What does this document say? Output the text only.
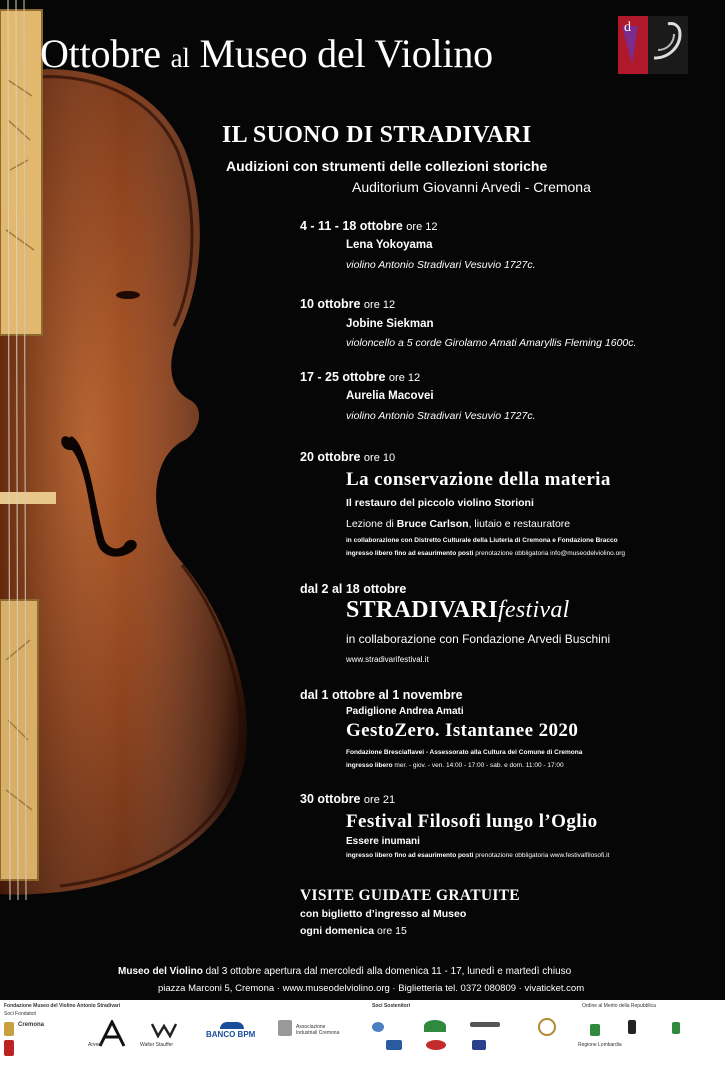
Ottobre al Museo del Violino
d
IL SUONO DI STRADIVARI
Audizioni con strumenti delle collezioni storiche
Auditorium Giovanni Arvedi - Cremona
4 - 11 - 18 ottobre ore 12
Lena Yokoyama
violino Antonio Stradivari Vesuvio 1727c.
10 ottobre ore 12
Jobine Siekman
violoncello a 5 corde Girolamo Amati Amaryllis Fleming 1600c.
17 - 25 ottobre ore 12
Aurelia Macovei
violino Antonio Stradivari Vesuvio 1727c.
20 ottobre ore 10
La conservazione della materia
Il restauro del piccolo violino Storioni
Lezione di Bruce Carlson, liutaio e restauratore
in collaborazione con Distretto Culturale della Liuteria di Cremona e Fondazione Bracco
ingresso libero fino ad esaurimento posti prenotazione obbligatoria info@museodelviolino.org
dal 2 al 18 ottobre
STRADIVARIfestival
in collaborazione con Fondazione Arvedi Buschini
www.stradivarifestival.it
dal 1 ottobre al 1 novembre
Padiglione Andrea Amati
GestoZero. Istantanee 2020
Fondazione Bresciaflavei - Assessorato alla Cultura del Comune di Cremona
ingresso libero mer. - giov. - ven. 14:00 - 17:00 - sab. e dom. 11:00 - 17:00
30 ottobre ore 21
Festival Filosofi lungo l’Oglio
Essere inumani
ingresso libero fino ad esaurimento posti prenotazione obbligatoria www.festivalfilosofi.it
VISITE GUIDATE GRATUITE
con biglietto d’ingresso al Museo
ogni domenica ore 15
Museo del Violino dal 3 ottobre apertura dal mercoledì alla domenica 11 - 17, lunedì e martedì chiuso
piazza Marconi 5, Cremona · www.museodelviolino.org · Biglietteria tel. 0372 080809 · vivaticket.com
Fondazione Museo del Violino Antonio Stradivari
Soci Fondatori
Cremona
Arvedi	Walter Stauffer
BANCO BPM
Associazione Industriali Cremona
Soci Sostenitori	Ordine al Merito della Repubblica
Regione Lombardia
